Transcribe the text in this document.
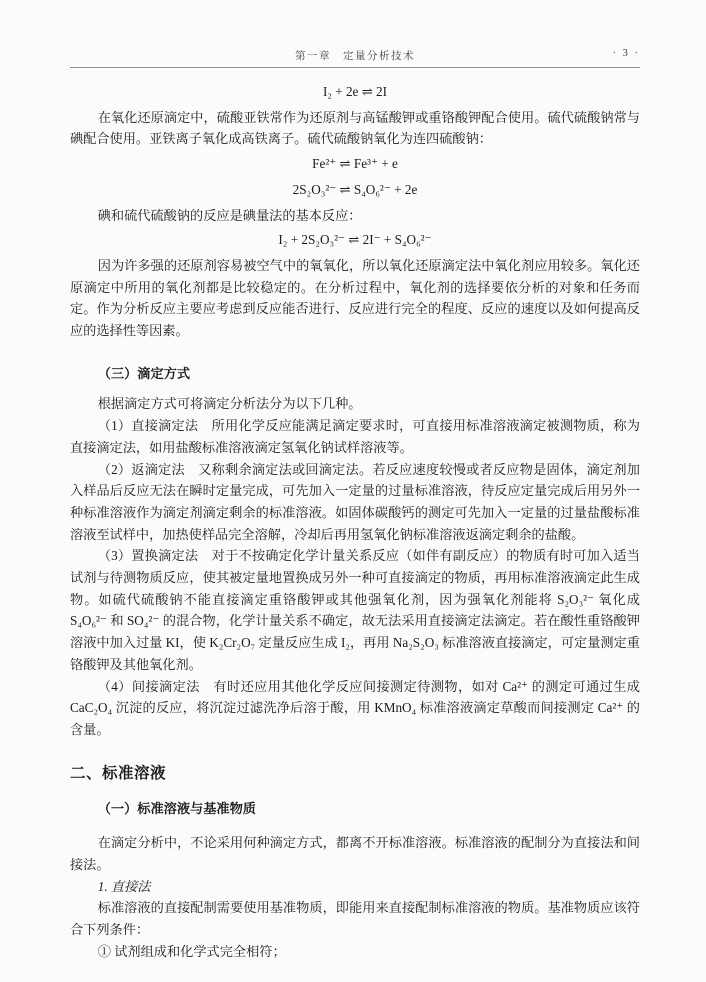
第一章　定量分析技术	· 3 ·
I₂ + 2e ⇌ 2I

在氧化还原滴定中，硫酸亚铁常作为还原剂与高锰酸钾或重铬酸钾配合使用。硫代硫酸钠常与碘配合使用。亚铁离子氧化成高铁离子。硫代硫酸钠氧化为连四硫酸钠：

Fe²⁺ ⇌ Fe³⁺ + e
2S₂O₃²⁻ ⇌ S₄O₆²⁻ + 2e

碘和硫代硫酸钠的反应是碘量法的基本反应：

I₂ + 2S₂O₃²⁻ ⇌ 2I⁻ + S₄O₆²⁻

因为许多强的还原剂容易被空气中的氧氧化，所以氧化还原滴定法中氧化剂应用较多。氧化还原滴定中所用的氧化剂都是比较稳定的。在分析过程中，氧化剂的选择要依分析的对象和任务而定。作为分析反应主要应考虑到反应能否进行、反应进行完全的程度、反应的速度以及如何提高反应的选择性等因素。

（三）滴定方式

根据滴定方式可将滴定分析法分为以下几种。

（1）直接滴定法　所用化学反应能满足滴定要求时，可直接用标准溶液滴定被测物质，称为直接滴定法，如用盐酸标准溶液滴定氢氧化钠试样溶液等。

（2）返滴定法　又称剩余滴定法或回滴定法。若反应速度较慢或者反应物是固体，滴定剂加入样品后反应无法在瞬时定量完成，可先加入一定量的过量标准溶液，待反应定量完成后用另外一种标准溶液作为滴定剂滴定剩余的标准溶液。如固体碳酸钙的测定可先加入一定量的过量盐酸标准溶液至试样中，加热使样品完全溶解，冷却后再用氢氧化钠标准溶液返滴定剩余的盐酸。

（3）置换滴定法　对于不按确定化学计量关系反应（如伴有副反应）的物质有时可加入适当试剂与待测物质反应，使其被定量地置换成另外一种可直接滴定的物质，再用标准溶液滴定此生成物。如硫代硫酸钠不能直接滴定重铬酸钾或其他强氧化剂，因为强氧化剂能将 S₂O₃²⁻ 氧化成 S₄O₆²⁻ 和 SO₄²⁻ 的混合物，化学计量关系不确定，故无法采用直接滴定法滴定。若在酸性重铬酸钾溶液中加入过量 KI，使 K₂Cr₂O₇ 定量反应生成 I₂，再用 Na₂S₂O₃ 标准溶液直接滴定，可定量测定重铬酸钾及其他氧化剂。

（4）间接滴定法　有时还应用其他化学反应间接测定待测物，如对 Ca²⁺ 的测定可通过生成 CaC₂O₄ 沉淀的反应，将沉淀过滤洗净后溶于酸，用 KMnO₄ 标准溶液滴定草酸而间接测定 Ca²⁺ 的含量。

二、标准溶液
（一）标准溶液与基准物质

在滴定分析中，不论采用何种滴定方式，都离不开标准溶液。标准溶液的配制分为直接法和间接法。

1. 直接法

标准溶液的直接配制需要使用基准物质，即能用来直接配制标准溶液的物质。基准物质应该符合下列条件：

① 试剂组成和化学式完全相符；
